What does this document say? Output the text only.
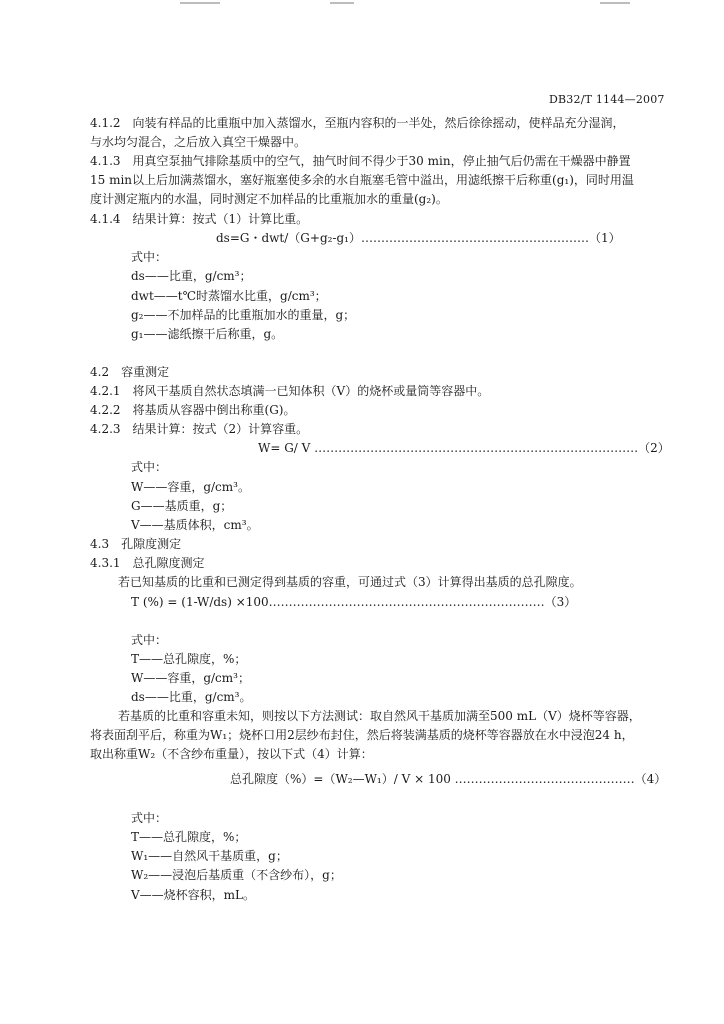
DB32/T 1144—2007
4.1.2　向装有样品的比重瓶中加入蒸馏水，至瓶内容积的一半处，然后徐徐摇动，使样品充分湿润，
与水均匀混合，之后放入真空干燥器中。
4.1.3　用真空泵抽气排除基质中的空气，抽气时间不得少于30 min，停止抽气后仍需在干燥器中静置
15 min以上后加满蒸馏水，塞好瓶塞使多余的水自瓶塞毛管中溢出，用滤纸擦干后称重(g₁)，同时用温
度计测定瓶内的水温，同时测定不加样品的比重瓶加水的重量(g₂)。
4.1.4　结果计算：按式（1）计算比重。
ds=G・dwt/（G+g₂-g₁）…………………………………………………（1）
式中：
ds——比重，g/cm³；
dwt——t℃时蒸馏水比重，g/cm³；
g₂——不加样品的比重瓶加水的重量，g；
g₁——滤纸擦干后称重，g。
4.2　容重测定
4.2.1　将风干基质自然状态填满一已知体积（V）的烧杯或量筒等容器中。
4.2.2　将基质从容器中倒出称重(G)。
4.2.3　结果计算：按式（2）计算容重。
W= G/ V ………………………………………………………………………（2）
式中：
W——容重，g/cm³。
G——基质重，g；
V——基质体积，cm³。
4.3　孔隙度测定
4.3.1　总孔隙度测定
若已知基质的比重和已测定得到基质的容重，可通过式（3）计算得出基质的总孔隙度。
T (%) = (1-W/ds) ×100……………………………………………………………（3）
式中：
T——总孔隙度，%；
W——容重，g/cm³；
ds——比重，g/cm³。
若基质的比重和容重未知，则按以下方法测试：取自然风干基质加满至500 mL（V）烧杯等容器，
将表面刮平后，称重为W₁；烧杯口用2层纱布封住，然后将装满基质的烧杯等容器放在水中浸泡24 h，
取出称重W₂（不含纱布重量），按以下式（4）计算：
总孔隙度（%）=（W₂—W₁）/ V × 100 ………………………………………（4）
式中：
T——总孔隙度，%；
W₁——自然风干基质重，g；
W₂——浸泡后基质重（不含纱布），g；
V——烧杯容积，mL。
